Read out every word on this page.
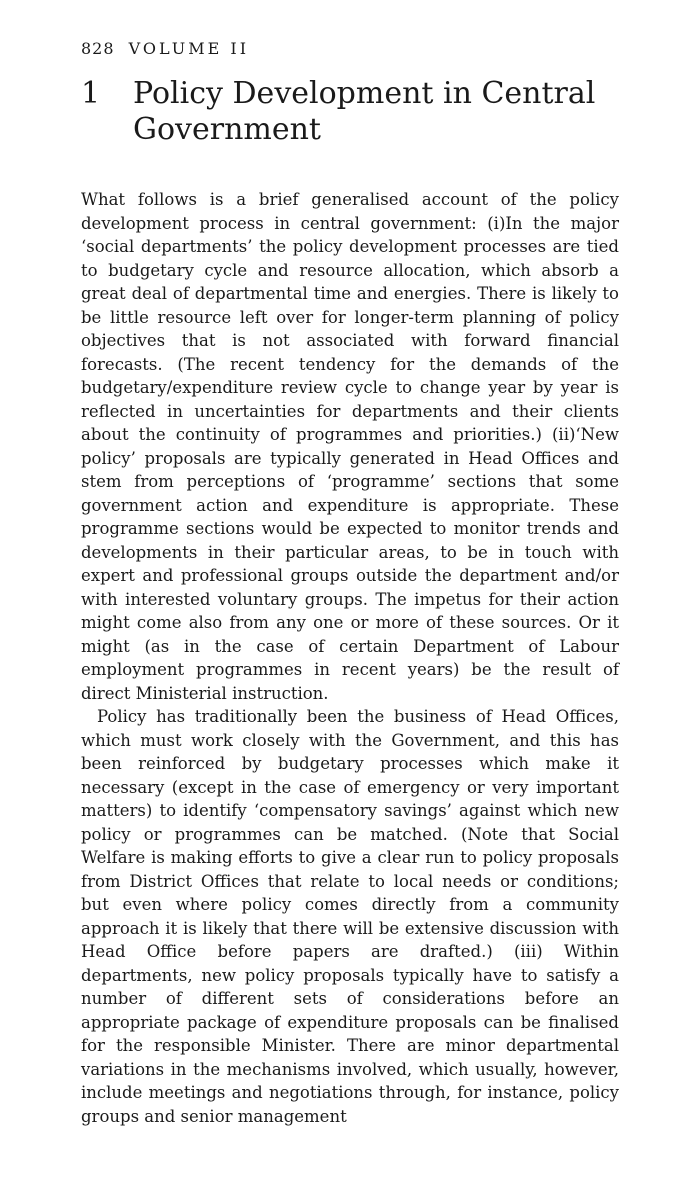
828 VOLUME II
1	Policy Development in Central Government

What follows is a brief generalised account of the policy development process in central government: (i)In the major ‘social departments’ the policy development processes are tied to budgetary cycle and resource allocation, which absorb a great deal of departmental time and energies. There is likely to be little resource left over for longer-term planning of policy objectives that is not associated with forward financial forecasts. (The recent tendency for the demands of the budgetary/expenditure review cycle to change year by year is reflected in uncertainties for departments and their clients about the continuity of programmes and priorities.) (ii)‘New policy’ proposals are typically generated in Head Offices and stem from perceptions of ‘programme’ sections that some government action and expenditure is appropriate. These programme sections would be expected to monitor trends and developments in their particular areas, to be in touch with expert and professional groups outside the department and/or with interested voluntary groups. The impetus for their action might come also from any one or more of these sources. Or it might (as in the case of certain Department of Labour employment programmes in recent years) be the result of direct Ministerial instruction.

Policy has traditionally been the business of Head Offices, which must work closely with the Government, and this has been reinforced by budgetary processes which make it necessary (except in the case of emergency or very important matters) to identify ‘compensatory savings’ against which new policy or programmes can be matched. (Note that Social Welfare is making efforts to give a clear run to policy proposals from District Offices that relate to local needs or conditions; but even where policy comes directly from a community approach it is likely that there will be extensive discussion with Head Office before papers are drafted.) (iii) Within departments, new policy proposals typically have to satisfy a number of different sets of considerations before an appropriate package of expenditure proposals can be finalised for the responsible Minister. There are minor departmental variations in the mechanisms involved, which usually, however, include meetings and negotiations through, for instance, policy groups and senior management
